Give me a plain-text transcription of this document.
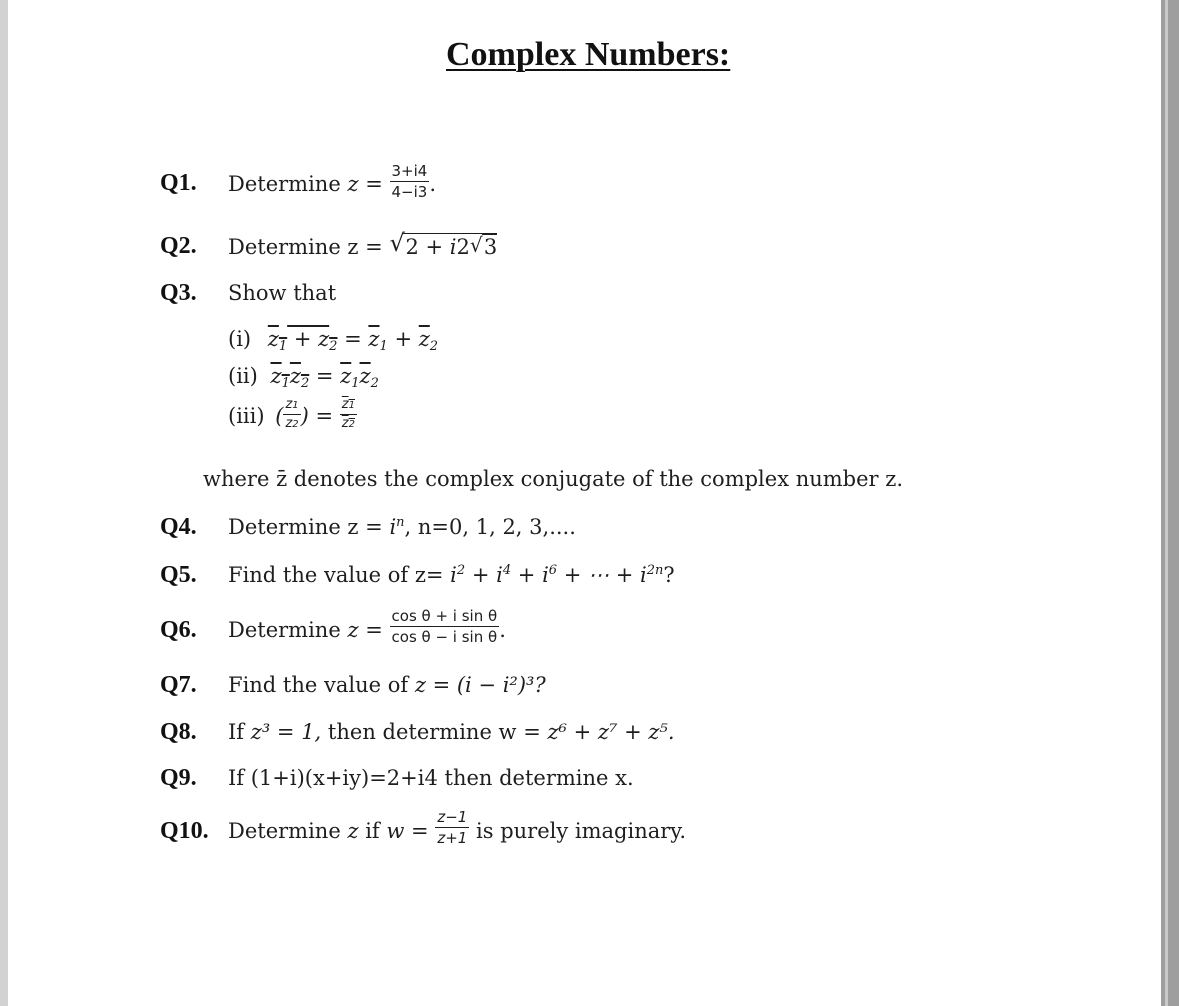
Complex Numbers:
Q1. Determine $z = \frac{3+i4}{4-i3}$ .
Q2. Determine z = √ 2 + i2 √ 3
Q3. Show that
(i) $z1 + z2 = \overline{z}1 + \overline{z}2$
(ii) $z1z2 = \overline{z}1\overline{z}2$
(iii) ( $\frac{z1}{z2}$ ) = $\frac{z1}{z2}$
where z̄ denotes the complex conjugate of the complex number z.
Q4. Determine $z = i^n$, n=0, 1, 2, 3,....
Q5. Find the value of $z= i^2 + i^4 + i^6$ + ⋯ + $i^{2n}$?
Q6. Determine $z = \frac{\text{cos θ + i sin θ}}{\text{cos θ − i sin θ}}$ .
Q7. Find the value of z = (i − i²)³?
Q8. If z³ = 1, then determine w = z⁶ + z⁷ + z⁵.
Q9. If (1+i)(x+iy)=2+i4 then determine x.
Q10. Determine z if $w = \frac{z-1}{z+1}$ is purely imaginary.
